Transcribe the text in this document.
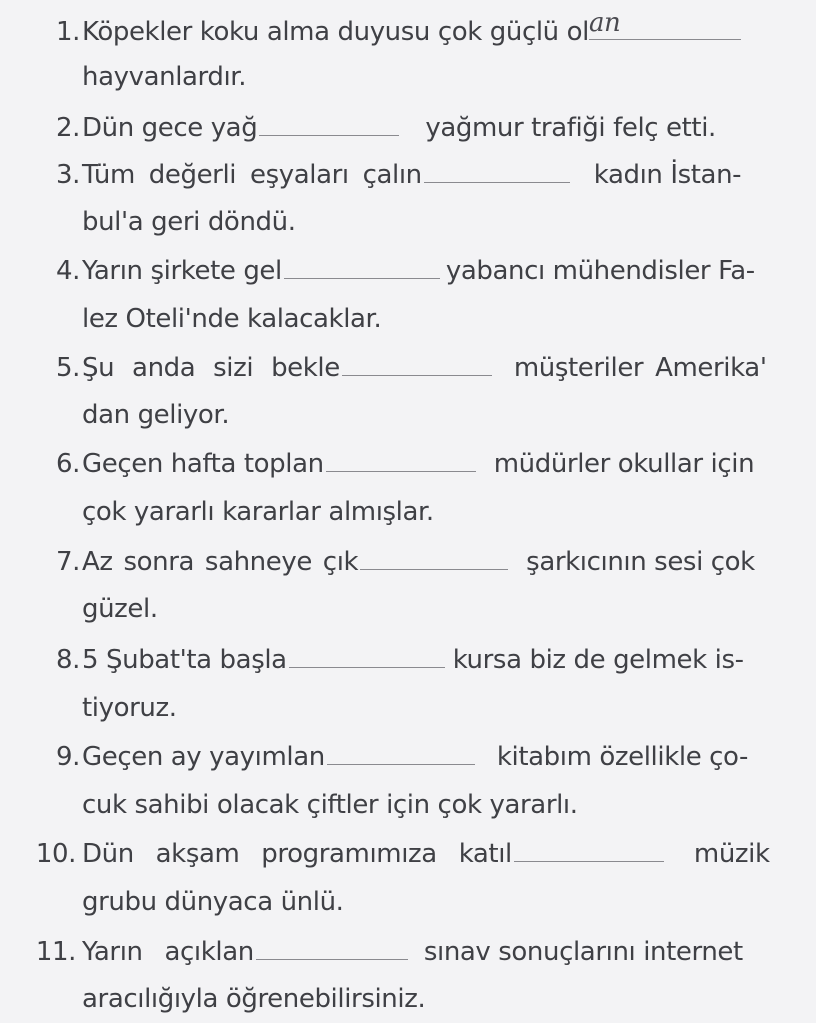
1. Köpekler koku alma duyusu çok güçlü ol an
hayvanlardır.
2. Dün gece yağ	yağmur trafiği felç etti.
3. Tüm değerli eşyaları çalın	kadın İstan-
bul'a geri döndü.
4. Yarın şirkete gel	yabancı mühendisler Fa-
lez Oteli'nde kalacaklar.
5. Şu anda sizi bekle	müşteriler Amerika'
dan geliyor.
6. Geçen hafta toplan	müdürler okullar için
çok yararlı kararlar almışlar.
7. Az sonra sahneye çık	şarkıcının sesi çok
güzel.
8. 5 Şubat'ta başla	kursa biz de gelmek is-
tiyoruz.
9. Geçen ay yayımlan	kitabım özellikle ço-
cuk sahibi olacak çiftler için çok yararlı.
10. Dün akşam programımıza katıl	müzik
grubu dünyaca ünlü.
11. Yarın açıklan	sınav sonuçlarını internet
aracılığıyla öğrenebilirsiniz.
